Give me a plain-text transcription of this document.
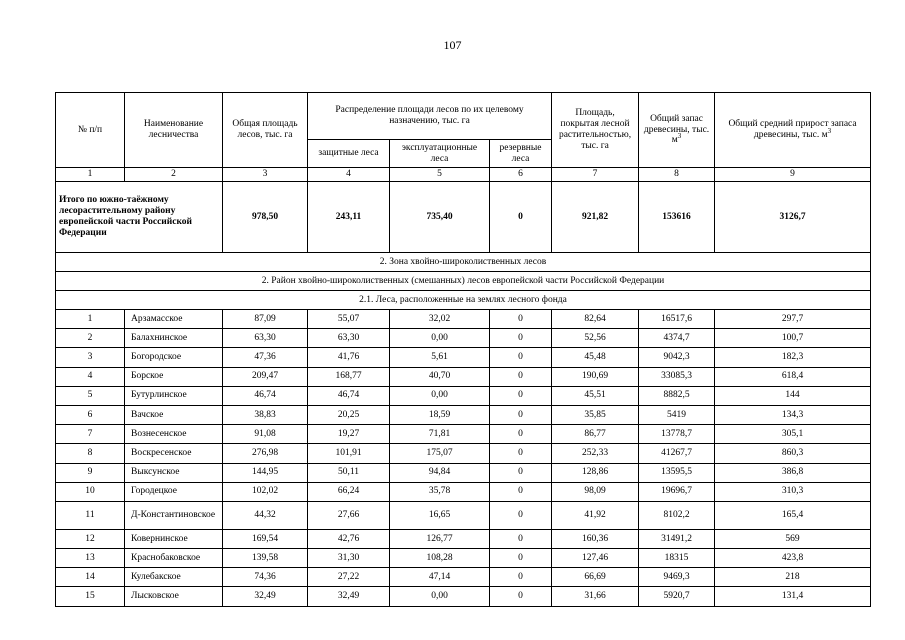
107
№ п/п	Наименование лесничества	Общая площадь лесов, тыс. га	Распределение площади лесов по их целевому назначению, тыс. га			Площадь, покрытая лесной растительностью, тыс. га	Общий запас древесины, тыс. $м^3$	Общий средний прирост запаса древесины, тыс. $м^3$
			защитные леса	эксплуатационные леса	резервные леса			
1	2	3	4	5	6	7	8	9
Итого по южно-таёжному лесорастительному району европейской части Российской Федерации		978,50	243,11	735,40	0	921,82	153616	3126,7
2. Зона хвойно-широколиственных лесов								
2. Район хвойно-широколиственных (смешанных) лесов европейской части Российской Федерации								
2.1. Леса, расположенные на землях лесного фонда								
1	Арзамасское	87,09	55,07	32,02	0	82,64	16517,6	297,7
2	Балахнинское	63,30	63,30	0,00	0	52,56	4374,7	100,7
3	Богородское	47,36	41,76	5,61	0	45,48	9042,3	182,3
4	Борское	209,47	168,77	40,70	0	190,69	33085,3	618,4
5	Бутурлинское	46,74	46,74	0,00	0	45,51	8882,5	144
6	Вачское	38,83	20,25	18,59	0	35,85	5419	134,3
7	Вознесенское	91,08	19,27	71,81	0	86,77	13778,7	305,1
8	Воскресенское	276,98	101,91	175,07	0	252,33	41267,7	860,3
9	Выксунское	144,95	50,11	94,84	0	128,86	13595,5	386,8
10	Городецкое	102,02	66,24	35,78	0	98,09	19696,7	310,3
11	Д-Константиновское	44,32	27,66	16,65	0	41,92	8102,2	165,4
12	Ковернинское	169,54	42,76	126,77	0	160,36	31491,2	569
13	Краснобаковское	139,58	31,30	108,28	0	127,46	18315	423,8
14	Кулебакское	74,36	27,22	47,14	0	66,69	9469,3	218
15	Лысковское	32,49	32,49	0,00	0	31,66	5920,7	131,4
